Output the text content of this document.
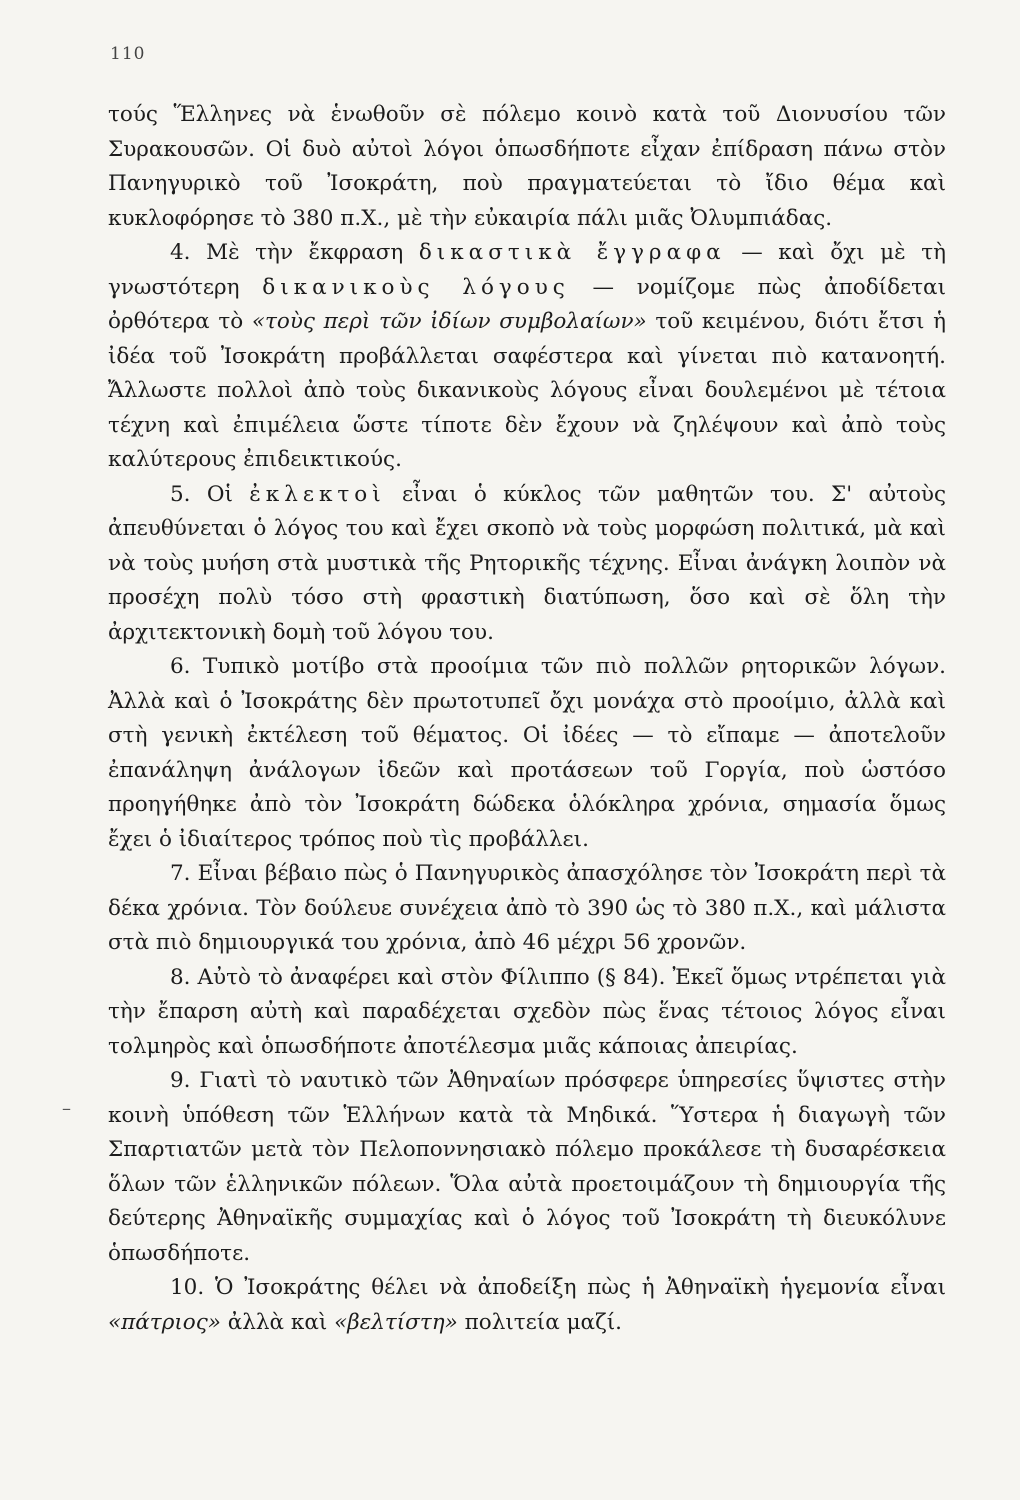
110
–

τούς Ἕλληνες νὰ ἑνωθοῦν σὲ πόλεμο κοινὸ κατὰ τοῦ Διονυσίου τῶν Συρακουσῶν. Οἱ δυὸ αὐτοὶ λόγοι ὁπωσδήποτε εἶχαν ἐπίδραση πάνω στὸν Πανηγυρικὸ τοῦ Ἰσοκράτη, ποὺ πραγματεύεται τὸ ἴδιο θέμα καὶ κυκλοφόρησε τὸ 380 π.Χ., μὲ τὴν εὐκαιρία πάλι μιᾶς Ὀλυμπιάδας.

4. Μὲ τὴν ἔκφραση δικαστικὰ ἔγγραφα — καὶ ὄχι μὲ τὴ γνωστότερη δικανικοὺς λόγους — νομίζομε πὼς ἀποδίδεται ὀρθότερα τὸ «τοὺς περὶ τῶν ἰδίων συμβολαίων» τοῦ κειμένου, διότι ἔτσι ἡ ἰδέα τοῦ Ἰσοκράτη προβάλλεται σαφέστερα καὶ γίνεται πιὸ κατανοητή. Ἄλλωστε πολλοὶ ἀπὸ τοὺς δικανικοὺς λόγους εἶναι δουλεμένοι μὲ τέτοια τέχνη καὶ ἐπιμέλεια ὥστε τίποτε δὲν ἔχουν νὰ ζηλέψουν καὶ ἀπὸ τοὺς καλύτερους ἐπιδεικτικούς.

5. Οἱ ἐκλεκτοὶ εἶναι ὁ κύκλος τῶν μαθητῶν του. Σ' αὐτοὺς ἀπευθύνεται ὁ λόγος του καὶ ἔχει σκοπὸ νὰ τοὺς μορφώση πολιτικά, μὰ καὶ νὰ τοὺς μυήση στὰ μυστικὰ τῆς Ρητορικῆς τέχνης. Εἶναι ἀνάγκη λοιπὸν νὰ προσέχη πολὺ τόσο στὴ φραστικὴ διατύπωση, ὅσο καὶ σὲ ὅλη τὴν ἀρχιτεκτονικὴ δομὴ τοῦ λόγου του.

6. Τυπικὸ μοτίβο στὰ προοίμια τῶν πιὸ πολλῶν ρητορικῶν λόγων. Ἀλλὰ καὶ ὁ Ἰσοκράτης δὲν πρωτοτυπεῖ ὄχι μονάχα στὸ προοίμιο, ἀλλὰ καὶ στὴ γενικὴ ἐκτέλεση τοῦ θέματος. Οἱ ἰδέες — τὸ εἴπαμε — ἀποτελοῦν ἐπανάληψη ἀνάλογων ἰδεῶν καὶ προτάσεων τοῦ Γοργία, ποὺ ὡστόσο προηγήθηκε ἀπὸ τὸν Ἰσοκράτη δώδεκα ὁλόκληρα χρόνια, σημασία ὅμως ἔχει ὁ ἰδιαίτερος τρόπος ποὺ τὶς προβάλλει.

7. Εἶναι βέβαιο πὼς ὁ Πανηγυρικὸς ἀπασχόλησε τὸν Ἰσοκράτη περὶ τὰ δέκα χρόνια. Τὸν δούλευε συνέχεια ἀπὸ τὸ 390 ὡς τὸ 380 π.Χ., καὶ μάλιστα στὰ πιὸ δημιουργικά του χρόνια, ἀπὸ 46 μέχρι 56 χρονῶν.

8. Αὐτὸ τὸ ἀναφέρει καὶ στὸν Φίλιππο (§ 84). Ἐκεῖ ὅμως ντρέπεται γιὰ τὴν ἔπαρση αὐτὴ καὶ παραδέχεται σχεδὸν πὼς ἕνας τέτοιος λόγος εἶναι τολμηρὸς καὶ ὁπωσδήποτε ἀποτέλεσμα μιᾶς κάποιας ἀπειρίας.

9. Γιατὶ τὸ ναυτικὸ τῶν Ἀθηναίων πρόσφερε ὑπηρεσίες ὕψιστες στὴν κοινὴ ὑπόθεση τῶν Ἑλλήνων κατὰ τὰ Μηδικά. Ὕστερα ἡ διαγωγὴ τῶν Σπαρτιατῶν μετὰ τὸν Πελοποννησιακὸ πόλεμο προκάλεσε τὴ δυσαρέσκεια ὅλων τῶν ἑλληνικῶν πόλεων. Ὅλα αὐτὰ προετοιμάζουν τὴ δημιουργία τῆς δεύτερης Ἀθηναϊκῆς συμμαχίας καὶ ὁ λόγος τοῦ Ἰσοκράτη τὴ διευκόλυνε ὁπωσδήποτε.

10. Ὁ Ἰσοκράτης θέλει νὰ ἀποδείξη πὼς ἡ Ἀθηναϊκὴ ἡγεμονία εἶναι «πάτριος» ἀλλὰ καὶ «βελτίστη» πολιτεία μαζί.
